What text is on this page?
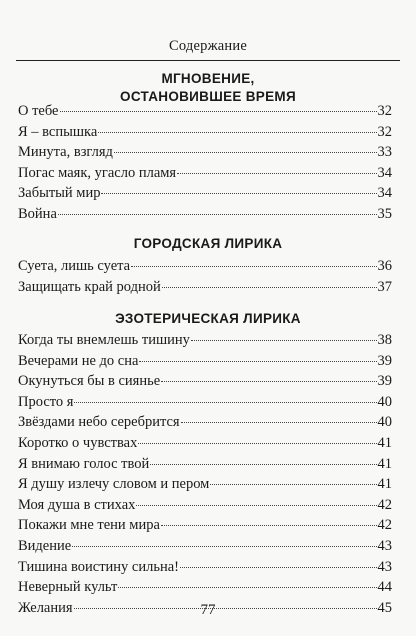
Содержание
МГНОВЕНИЕ,
ОСТАНОВИВШЕЕ ВРЕМЯ
О тебе	32
Я – вспышка	32
Минута, взгляд	33
Погас маяк, угасло пламя	34
Забытый мир	34
Война	35
ГОРОДСКАЯ ЛИРИКА
Суета, лишь суета	36
Защищать край родной	37
ЭЗОТЕРИЧЕСКАЯ ЛИРИКА
Когда ты внемлешь тишину	38
Вечерами не до сна	39
Окунуться бы в сиянье	39
Просто я	40
Звёздами небо серебрится	40
Коротко о чувствах	41
Я внимаю голос твой	41
Я душу излечу словом и пером	41
Моя душа в стихах	42
Покажи мне тени мира	42
Видение	43
Тишина воистину сильна!	43
Неверный культ	44
Желания	45
77
